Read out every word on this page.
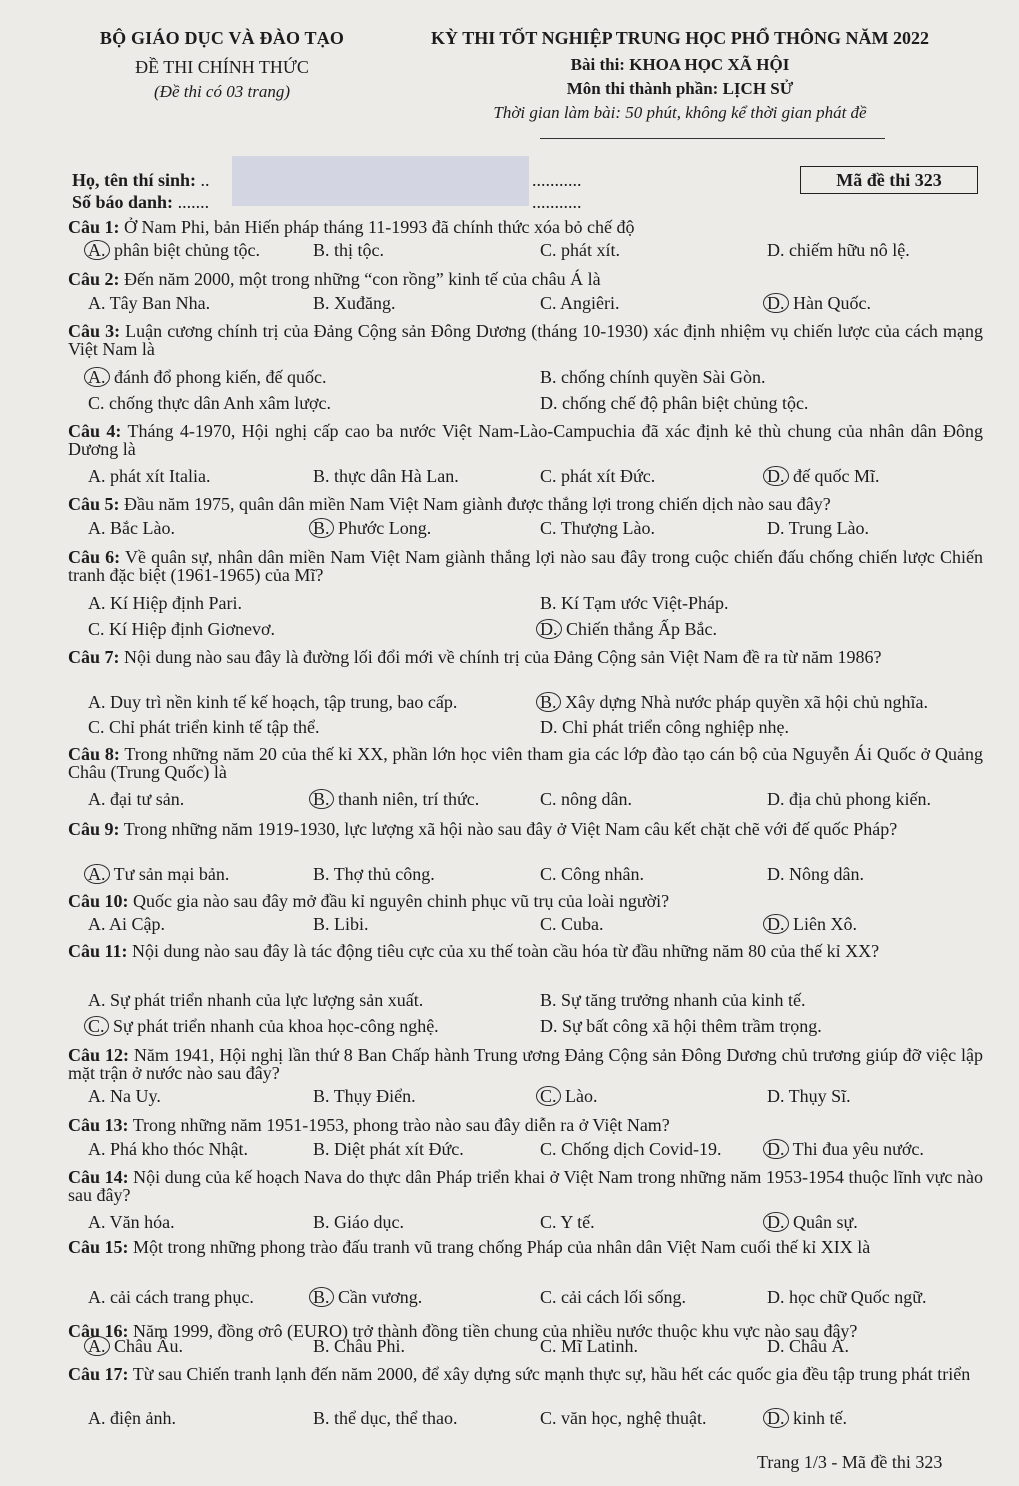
BỘ GIÁO DỤC VÀ ĐÀO TẠO
ĐỀ THI CHÍNH THỨC
(Đề thi có 03 trang)
KỲ THI TỐT NGHIỆP TRUNG HỌC PHỔ THÔNG NĂM 2022
Bài thi: KHOA HỌC XÃ HỘI
Môn thi thành phần: LỊCH SỬ
Thời gian làm bài: 50 phút, không kể thời gian phát đề
Họ, tên thí sinh: ..	...........
Số báo danh: .......	...........
Mã đề thi 323
Câu 1: Ở Nam Phi, bản Hiến pháp tháng 11-1993 đã chính thức xóa bỏ chế độ
A. phân biệt chủng tộc.	B. thị tộc.	C. phát xít.	D. chiếm hữu nô lệ.
Câu 2: Đến năm 2000, một trong những “con rồng” kinh tế của châu Á là
A. Tây Ban Nha.	B. Xuđăng.	C. Angiêri.	D. Hàn Quốc.
Câu 3: Luận cương chính trị của Đảng Cộng sản Đông Dương (tháng 10-1930) xác định nhiệm vụ chiến lược của cách mạng Việt Nam là
A. đánh đổ phong kiến, đế quốc.	B. chống chính quyền Sài Gòn.
C. chống thực dân Anh xâm lược.	D. chống chế độ phân biệt chủng tộc.
Câu 4: Tháng 4-1970, Hội nghị cấp cao ba nước Việt Nam-Lào-Campuchia đã xác định kẻ thù chung của nhân dân Đông Dương là
A. phát xít Italia.	B. thực dân Hà Lan.	C. phát xít Đức.	D. đế quốc Mĩ.
Câu 5: Đầu năm 1975, quân dân miền Nam Việt Nam giành được thắng lợi trong chiến dịch nào sau đây?
A. Bắc Lào.	B. Phước Long.	C. Thượng Lào.	D. Trung Lào.
Câu 6: Về quân sự, nhân dân miền Nam Việt Nam giành thắng lợi nào sau đây trong cuộc chiến đấu chống chiến lược Chiến tranh đặc biệt (1961-1965) của Mĩ?
A. Kí Hiệp định Pari.	B. Kí Tạm ước Việt-Pháp.
C. Kí Hiệp định Giơnevơ.	D. Chiến thắng Ấp Bắc.
Câu 7: Nội dung nào sau đây là đường lối đổi mới về chính trị của Đảng Cộng sản Việt Nam đề ra từ năm 1986?
A. Duy trì nền kinh tế kế hoạch, tập trung, bao cấp.	B. Xây dựng Nhà nước pháp quyền xã hội chủ nghĩa.
C. Chỉ phát triển kinh tế tập thể.	D. Chỉ phát triển công nghiệp nhẹ.
Câu 8: Trong những năm 20 của thế kỉ XX, phần lớn học viên tham gia các lớp đào tạo cán bộ của Nguyễn Ái Quốc ở Quảng Châu (Trung Quốc) là
A. đại tư sản.	B. thanh niên, trí thức.	C. nông dân.	D. địa chủ phong kiến.
Câu 9: Trong những năm 1919-1930, lực lượng xã hội nào sau đây ở Việt Nam câu kết chặt chẽ với đế quốc Pháp?
A. Tư sản mại bản.	B. Thợ thủ công.	C. Công nhân.	D. Nông dân.
Câu 10: Quốc gia nào sau đây mở đầu kỉ nguyên chinh phục vũ trụ của loài người?
A. Ai Cập.	B. Libi.	C. Cuba.	D. Liên Xô.
Câu 11: Nội dung nào sau đây là tác động tiêu cực của xu thế toàn cầu hóa từ đầu những năm 80 của thế kỉ XX?
A. Sự phát triển nhanh của lực lượng sản xuất.	B. Sự tăng trưởng nhanh của kinh tế.
C. Sự phát triển nhanh của khoa học-công nghệ.	D. Sự bất công xã hội thêm trầm trọng.
Câu 12: Năm 1941, Hội nghị lần thứ 8 Ban Chấp hành Trung ương Đảng Cộng sản Đông Dương chủ trương giúp đỡ việc lập mặt trận ở nước nào sau đây?
A. Na Uy.	B. Thụy Điển.	C. Lào.	D. Thụy Sĩ.
Câu 13: Trong những năm 1951-1953, phong trào nào sau đây diễn ra ở Việt Nam?
A. Phá kho thóc Nhật.	B. Diệt phát xít Đức.	C. Chống dịch Covid-19.	D. Thi đua yêu nước.
Câu 14: Nội dung của kế hoạch Nava do thực dân Pháp triển khai ở Việt Nam trong những năm 1953-1954 thuộc lĩnh vực nào sau đây?
A. Văn hóa.	B. Giáo dục.	C. Y tế.	D. Quân sự.
Câu 15: Một trong những phong trào đấu tranh vũ trang chống Pháp của nhân dân Việt Nam cuối thế kỉ XIX là
A. cải cách trang phục.	B. Cần vương.	C. cải cách lối sống.	D. học chữ Quốc ngữ.
Câu 16: Năm 1999, đồng ơrô (EURO) trở thành đồng tiền chung của nhiều nước thuộc khu vực nào sau đây?
A. Châu Âu.	B. Châu Phi.	C. Mĩ Latinh.	D. Châu Á.
Câu 17: Từ sau Chiến tranh lạnh đến năm 2000, để xây dựng sức mạnh thực sự, hầu hết các quốc gia đều tập trung phát triển
A. điện ảnh.	B. thể dục, thể thao.	C. văn học, nghệ thuật.	D. kinh tế.
Trang 1/3 - Mã đề thi 323
